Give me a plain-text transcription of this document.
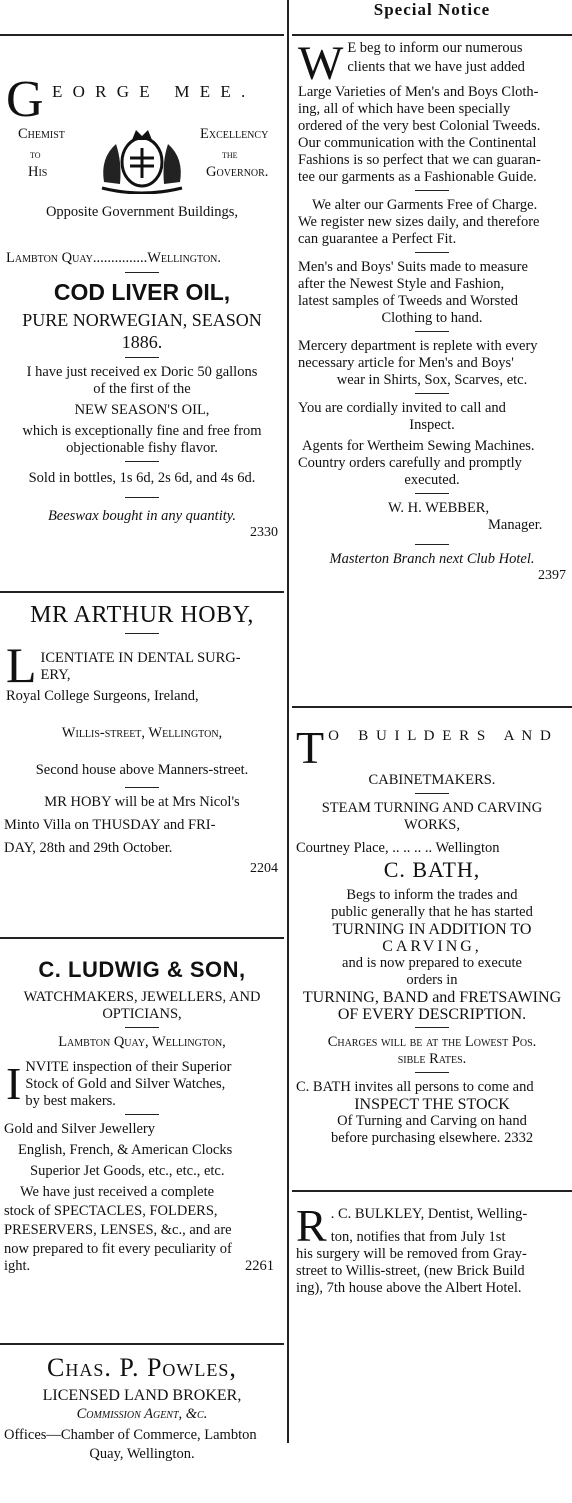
G E O R G E   M E E .
Chemist
to
His
Excellency
the
Governor.
Opposite Government Buildings,
Lambton Quay...............Wellington.
COD LIVER OIL,
PURE NORWEGIAN, SEASON 1886.

I have just received ex Doric 50 gallons

of the first of the

NEW SEASON'S OIL,

which is exceptionally fine and free from

objectionable fishy flavor.

Sold in bottles, 1s 6d, 2s 6d, and 4s 6d.

Beeswax bought in any quantity.

2330
MR ARTHUR HOBY,
L ICENTIATE IN DENTAL SURG-

ERY,

Royal College Surgeons, Ireland,

Willis-street, Wellington,

Second house above Manners-street.

MR HOBY will be at Mrs Nicol's

Minto Villa on THUSDAY and FRI-

DAY, 28th and 29th October.

2204
C. LUDWIG & SON,

WATCHMAKERS, JEWELLERS, AND

OPTICIANS,

Lambton Quay, Wellington,

I NVITE inspection of their Superior

Stock of Gold and Silver Watches,

by best makers.

Gold and Silver Jewellery

English, French, & American Clocks

Superior Jet Goods, etc., etc., etc.

We have just received a complete

stock of SPECTACLES, FOLDERS,

PRESERVERS, LENSES, &c., and are

now prepared to fit every peculiarity of

ight.	2261
Chas. P. Powles,

LICENSED LAND BROKER,

Commission Agent, &c.

Offices—Chamber of Commerce, Lambton

Quay, Wellington.

Special Notice
W E beg to inform our numerous

clients that we have just added

Large Varieties of Men's and Boys Cloth-

ing, all of which have been specially

ordered of the very best Colonial Tweeds.

Our communication with the Continental

Fashions is so perfect that we can guaran-

tee our garments as a Fashionable Guide.

We alter our Garments Free of Charge.

We register new sizes daily, and therefore

can guarantee a Perfect Fit.

Men's and Boys' Suits made to measure

after the Newest Style and Fashion,

latest samples of Tweeds and Worsted

Clothing to hand.

Mercery department is replete with every

necessary article for Men's and Boys'

wear in Shirts, Sox, Scarves, etc.

You are cordially invited to call and

Inspect.

Agents for Wertheim Sewing Machines.

Country orders carefully and promptly

executed.

W. H. WEBBER,

Manager.

Masterton Branch next Club Hotel.

2397
T O   B U I L D E R S   A N D

CABINETMAKERS.

STEAM TURNING AND CARVING

WORKS,

Courtney Place, .. .. .. .. Wellington

C. BATH,

Begs to inform the trades and

public generally that he has started

TURNING IN ADDITION TO

CARVING,

and is now prepared to execute

orders in

TURNING, BAND and FRETSAWING

OF EVERY DESCRIPTION.

Charges will be at the Lowest Pos.

sible Rates.

C. BATH invites all persons to come and

INSPECT THE STOCK

Of Turning and Carving on hand

before purchasing elsewhere. 2332

R . C. BULKLEY, Dentist, Welling-

ton, notifies that from July 1st

his surgery will be removed from Gray-

street to Willis-street, (new Brick Build

ing), 7th house above the Albert Hotel.
